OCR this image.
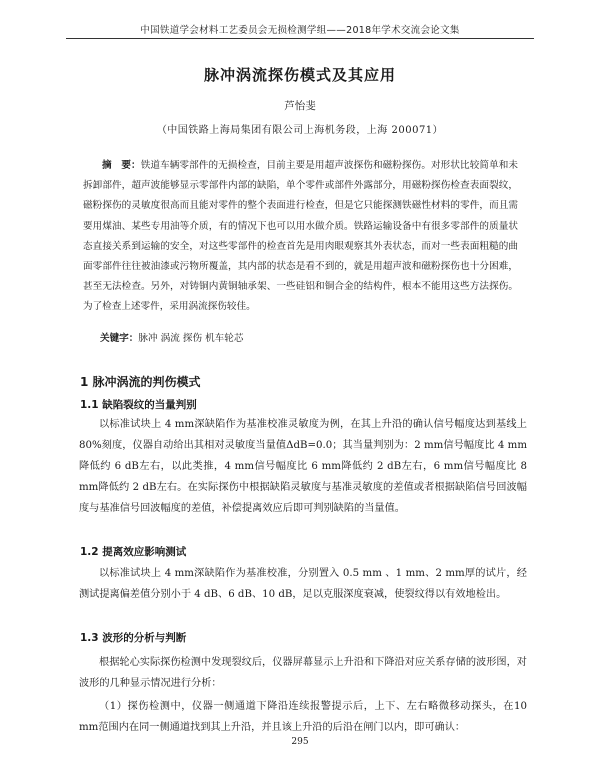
中国铁道学会材料工艺委员会无损检测学组——2018年学术交流会论文集
脉冲涡流探伤模式及其应用
芦怡斐
（中国铁路上海局集团有限公司上海机务段，上海 200071）
摘　要：铁道车辆零部件的无损检查，目前主要是用超声波探伤和磁粉探伤。对形状比较简单和未拆卸部件，超声波能够显示零部件内部的缺陷，单个零件或部件外露部分，用磁粉探伤检查表面裂纹，磁粉探伤的灵敏度很高而且能对零件的整个表面进行检查，但是它只能探测铁磁性材料的零件，而且需要用煤油、某些专用油等介质，有的情况下也可以用水做介质。铁路运输设备中有很多零部件的质量状态直接关系到运输的安全，对这些零部件的检查首先是用肉眼观察其外表状态，而对一些表面粗糙的曲面零部件往往被油漆或污物所覆盖，其内部的状态是看不到的，就是用超声波和磁粉探伤也十分困难，甚至无法检查。另外，对铸铜内黄铜轴承架、一些硅铝和铜合金的结构件，根本不能用这些方法探伤。为了检查上述零件，采用涡流探伤较佳。
关键字：脉冲 涡流 探伤 机车轮芯
1 脉冲涡流的判伤模式
1.1 缺陷裂纹的当量判别
以标准试块上 4 mm深缺陷作为基准校准灵敏度为例，在其上升沿的确认信号幅度达到基线上 80%刻度，仪器自动给出其相对灵敏度当量值ΔdB=0.0；其当量判别为：2 mm信号幅度比 4 mm降低约 6 dB左右，以此类推，4 mm信号幅度比 6 mm降低约 2 dB左右，6 mm信号幅度比 8 mm降低约 2 dB左右。在实际探伤中根据缺陷灵敏度与基准灵敏度的差值或者根据缺陷信号回波幅度与基准信号回波幅度的差值，补偿提离效应后即可判别缺陷的当量值。
1.2 提离效应影响测试
以标准试块上 4 mm深缺陷作为基准校准，分别置入 0.5 mm 、1 mm、2 mm厚的试片，经测试提离偏差值分别小于 4 dB、6 dB、10 dB，足以克服深度衰减，使裂纹得以有效地检出。
1.3 波形的分析与判断
根据轮心实际探伤检测中发现裂纹后，仪器屏幕显示上升沿和下降沿对应关系存储的波形图，对波形的几种显示情况进行分析：
（1）探伤检测中，仪器一侧通道下降沿连续报警提示后，上下、左右略微移动探头，在10 mm范围内在同一侧通道找到其上升沿，并且该上升沿的后沿在闸门以内，即可确认：
295
